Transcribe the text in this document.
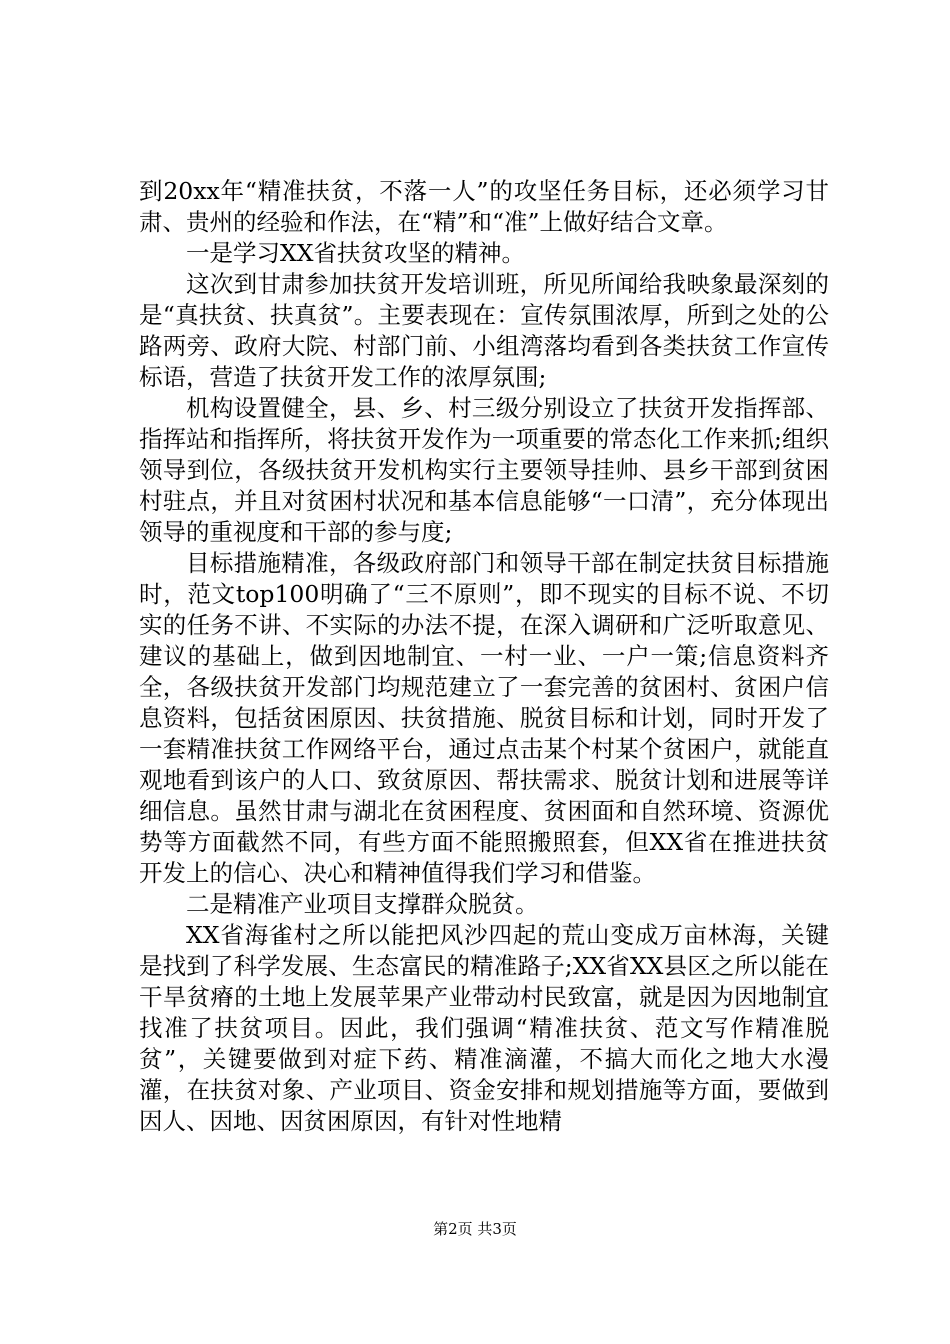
到20xx年“精准扶贫，不落一人”的攻坚任务目标，还必须学习甘肃、贵州的经验和作法，在“精”和“准”上做好结合文章。

一是学习XX省扶贫攻坚的精神。

这次到甘肃参加扶贫开发培训班，所见所闻给我映象最深刻的是“真扶贫、扶真贫”。主要表现在：宣传氛围浓厚，所到之处的公路两旁、政府大院、村部门前、小组湾落均看到各类扶贫工作宣传标语，营造了扶贫开发工作的浓厚氛围;

机构设置健全，县、乡、村三级分别设立了扶贫开发指挥部、指挥站和指挥所，将扶贫开发作为一项重要的常态化工作来抓;组织领导到位，各级扶贫开发机构实行主要领导挂帅、县乡干部到贫困村驻点，并且对贫困村状况和基本信息能够“一口清”，充分体现出领导的重视度和干部的参与度;

目标措施精准，各级政府部门和领导干部在制定扶贫目标措施时，范文top100明确了“三不原则”，即不现实的目标不说、不切实的任务不讲、不实际的办法不提，在深入调研和广泛听取意见、建议的基础上，做到因地制宜、一村一业、一户一策;信息资料齐全，各级扶贫开发部门均规范建立了一套完善的贫困村、贫困户信息资料，包括贫困原因、扶贫措施、脱贫目标和计划，同时开发了一套精准扶贫工作网络平台，通过点击某个村某个贫困户，就能直观地看到该户的人口、致贫原因、帮扶需求、脱贫计划和进展等详细信息。虽然甘肃与湖北在贫困程度、贫困面和自然环境、资源优势等方面截然不同，有些方面不能照搬照套，但XX省在推进扶贫开发上的信心、决心和精神值得我们学习和借鉴。

二是精准产业项目支撑群众脱贫。

XX省海雀村之所以能把风沙四起的荒山变成万亩林海，关键是找到了科学发展、生态富民的精准路子;XX省XX县区之所以能在干旱贫瘠的土地上发展苹果产业带动村民致富，就是因为因地制宜找准了扶贫项目。因此，我们强调“精准扶贫、范文写作精准脱贫”，关键要做到对症下药、精准滴灌，不搞大而化之地大水漫灌，在扶贫对象、产业项目、资金安排和规划措施等方面，要做到因人、因地、因贫困原因，有针对性地精

第2页 共3页
